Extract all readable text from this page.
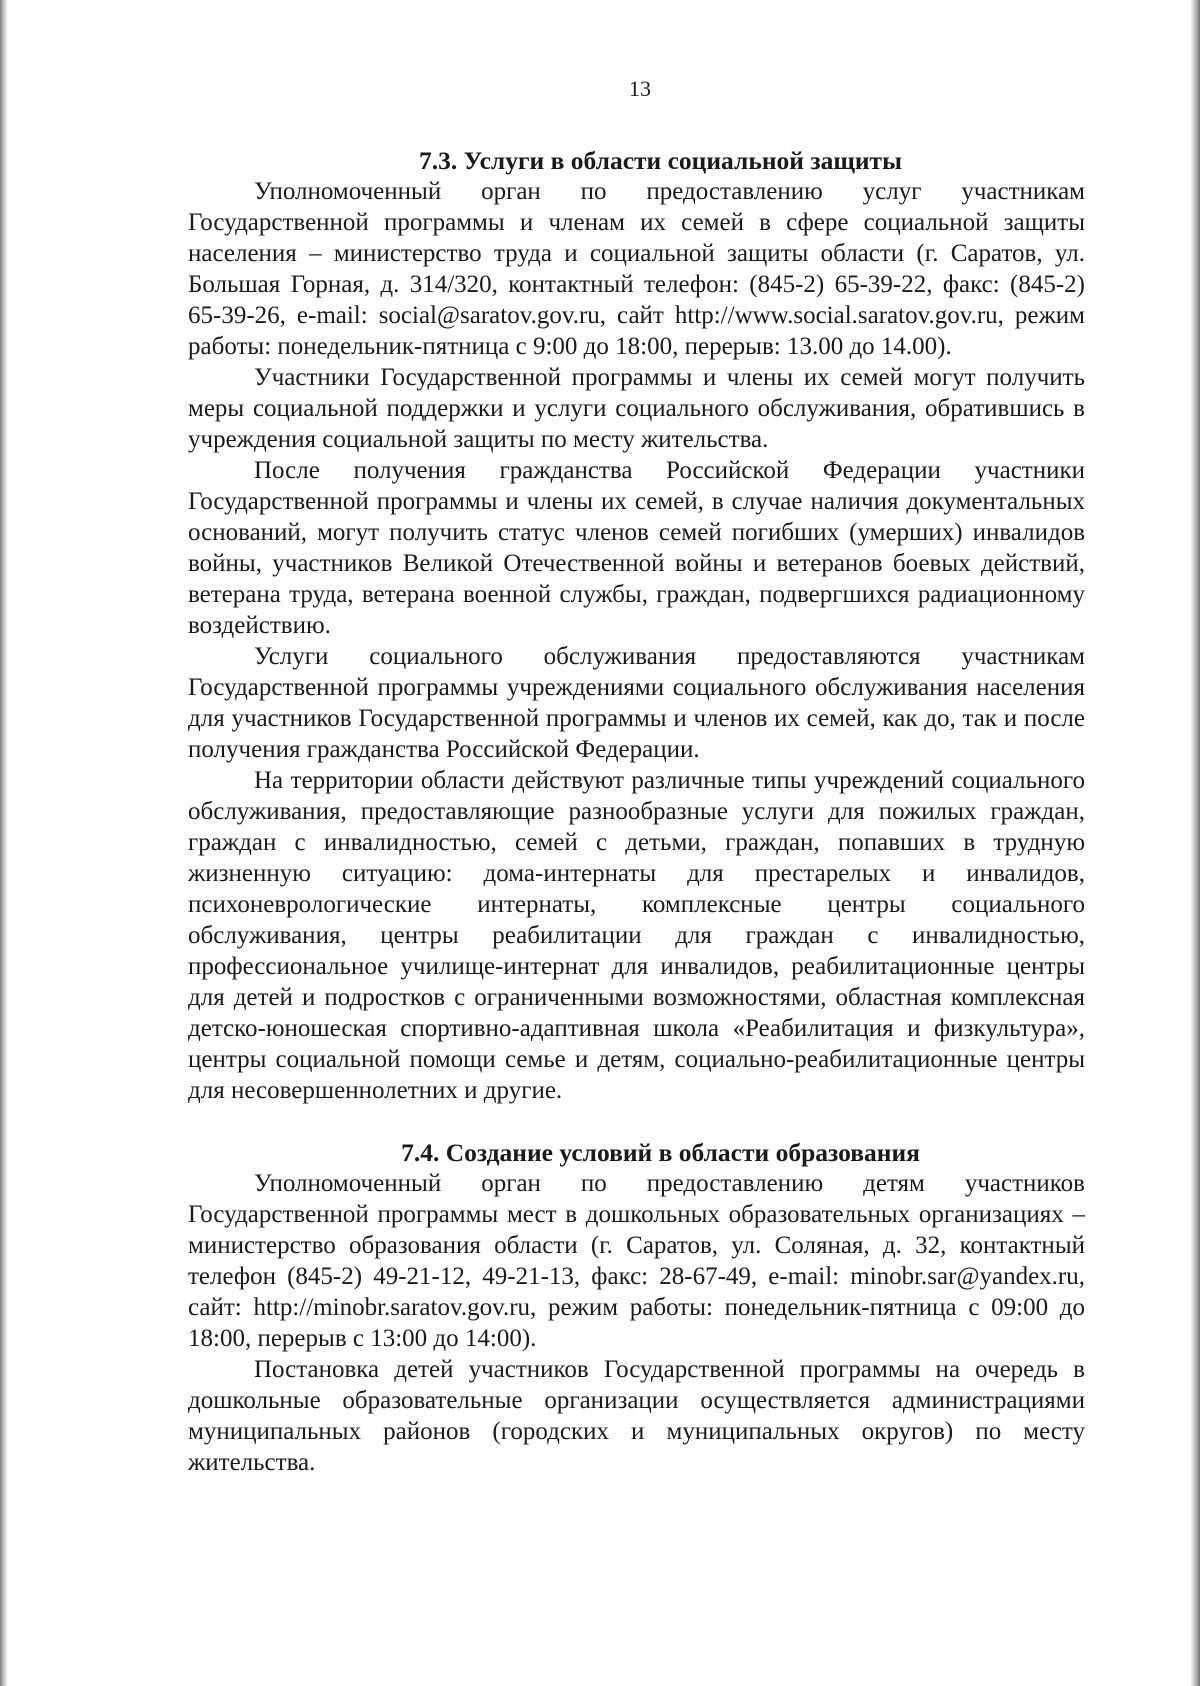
13
7.3. Услуги в области социальной защиты

Уполномоченный орган по предоставлению услуг участникам Государственной программы и членам их семей в сфере социальной защиты населения – министерство труда и социальной защиты области (г. Саратов, ул. Большая Горная, д. 314/320, контактный телефон: (845-2) 65-39-22, факс: (845-2) 65-39-26, e-mail: social@saratov.gov.ru, сайт http://www.social.saratov.gov.ru, режим работы: понедельник-пятница с 9:00 до 18:00, перерыв: 13.00 до 14.00).

Участники Государственной программы и члены их семей могут получить меры социальной поддержки и услуги социального обслуживания, обратившись в учреждения социальной защиты по месту жительства.

После получения гражданства Российской Федерации участники Государственной программы и члены их семей, в случае наличия документальных оснований, могут получить статус членов семей погибших (умерших) инвалидов войны, участников Великой Отечественной войны и ветеранов боевых действий, ветерана труда, ветерана военной службы, граждан, подвергшихся радиационному воздействию.

Услуги социального обслуживания предоставляются участникам Государственной программы учреждениями социального обслуживания населения для участников Государственной программы и членов их семей, как до, так и после получения гражданства Российской Федерации.

На территории области действуют различные типы учреждений социального обслуживания, предоставляющие разнообразные услуги для пожилых граждан, граждан с инвалидностью, семей с детьми, граждан, попавших в трудную жизненную ситуацию: дома-интернаты для престарелых и инвалидов, психоневрологические интернаты, комплексные центры социального обслуживания, центры реабилитации для граждан с инвалидностью, профессиональное училище-интернат для инвалидов, реабилитационные центры для детей и подростков с ограниченными возможностями, областная комплексная детско-юношеская спортивно-адаптивная школа «Реабилитация и физкультура», центры социальной помощи семье и детям, социально-реабилитационные центры для несовершеннолетних и другие.

7.4. Создание условий в области образования

Уполномоченный орган по предоставлению детям участников Государственной программы мест в дошкольных образовательных организациях – министерство образования области (г. Саратов, ул. Соляная, д. 32, контактный телефон (845-2) 49-21-12, 49-21-13, факс: 28-67-49, e-mail: minobr.sar@yandex.ru, сайт: http://minobr.saratov.gov.ru, режим работы: понедельник-пятница с 09:00 до 18:00, перерыв с 13:00 до 14:00).

Постановка детей участников Государственной программы на очередь в дошкольные образовательные организации осуществляется администрациями муниципальных районов (городских и муниципальных округов) по месту жительства.
